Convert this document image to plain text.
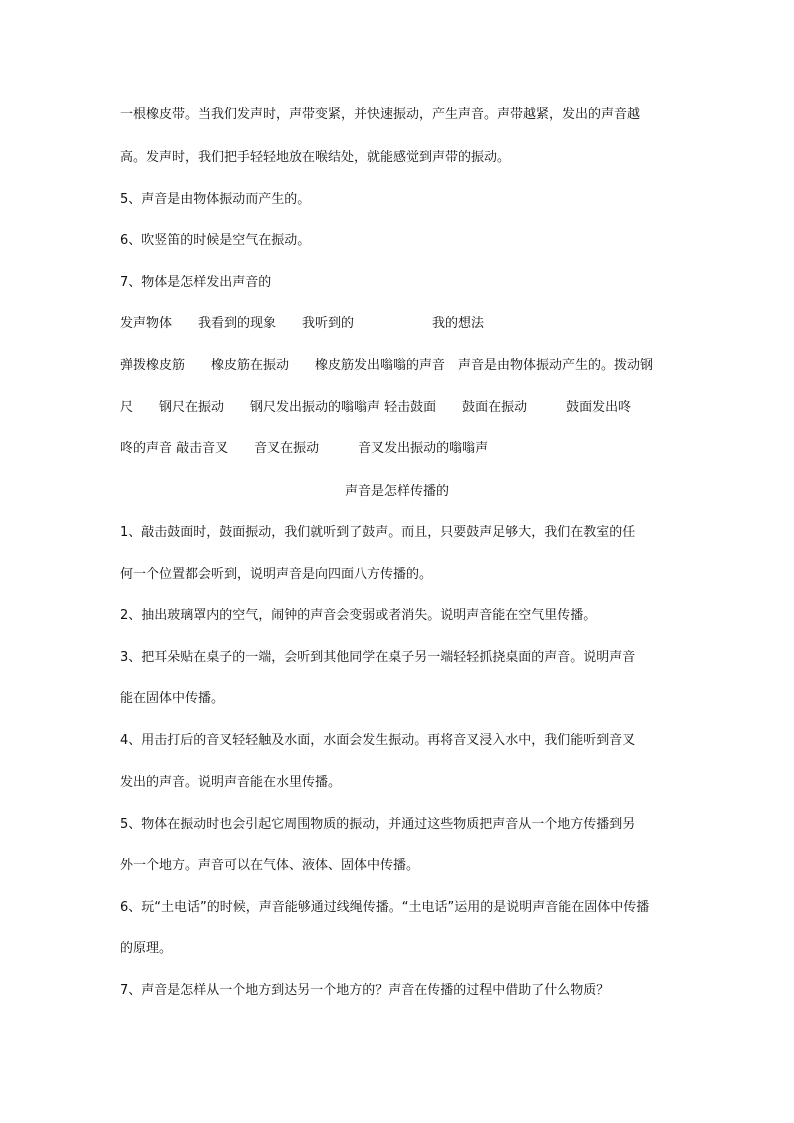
一根橡皮带。当我们发声时，声带变紧，并快速振动，产生声音。声带越紧，发出的声音越
高。发声时，我们把手轻轻地放在喉结处，就能感觉到声带的振动。
5、声音是由物体振动而产生的。
6、吹竖笛的时候是空气在振动。
7、物体是怎样发出声音的
发声物体　　我看到的现象　　我听到的　　　　　　我的想法
弹拨橡皮筋　　橡皮筋在振动　　橡皮筋发出嗡嗡的声音　声音是由物体振动产生的。拨动钢
尺　　钢尺在振动　　钢尺发出振动的嗡嗡声 轻击鼓面　　鼓面在振动　　　鼓面发出咚
咚的声音 敲击音叉　　音叉在振动　　　音叉发出振动的嗡嗡声
声音是怎样传播的
1、敲击鼓面时，鼓面振动，我们就听到了鼓声。而且，只要鼓声足够大，我们在教室的任
何一个位置都会听到，说明声音是向四面八方传播的。
2、抽出玻璃罩内的空气，闹钟的声音会变弱或者消失。说明声音能在空气里传播。
3、把耳朵贴在桌子的一端，会听到其他同学在桌子另一端轻轻抓挠桌面的声音。说明声音
能在固体中传播。
4、用击打后的音叉轻轻触及水面，水面会发生振动。再将音叉浸入水中，我们能听到音叉
发出的声音。说明声音能在水里传播。
5、物体在振动时也会引起它周围物质的振动，并通过这些物质把声音从一个地方传播到另
外一个地方。声音可以在气体、液体、固体中传播。
6、玩“土电话”的时候，声音能够通过线绳传播。“土电话”运用的是说明声音能在固体中传播
的原理。
7、声音是怎样从一个地方到达另一个地方的？声音在传播的过程中借助了什么物质？
